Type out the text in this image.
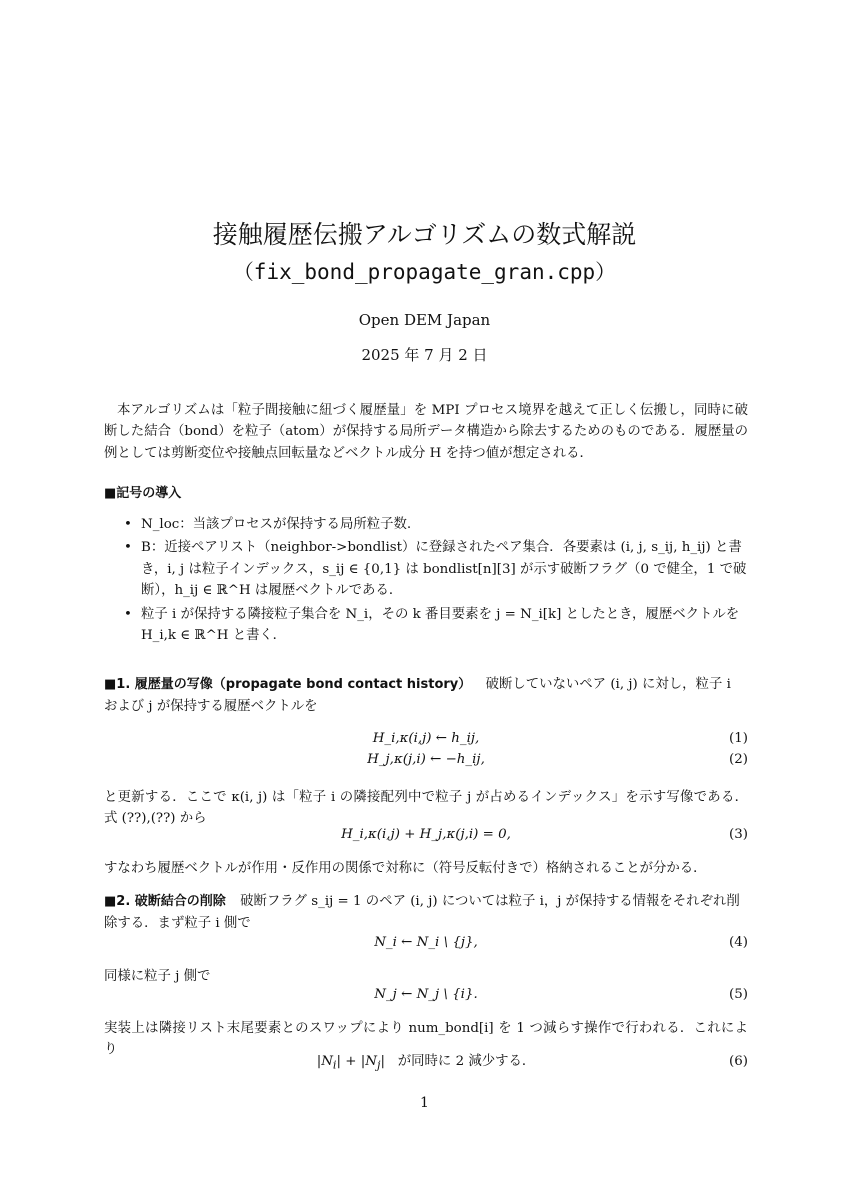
接触履歴伝搬アルゴリズムの数式解説
（fix_bond_propagate_gran.cpp）
Open DEM Japan
2025 年 7 月 2 日
本アルゴリズムは「粒子間接触に紐づく履歴量」を MPI プロセス境界を越えて正しく伝搬し，同時に破断した結合（bond）を粒子（atom）が保持する局所データ構造から除去するためのものである．履歴量の例としては剪断変位や接触点回転量などベクトル成分 H を持つ値が想定される．
■記号の導入
• N_loc：当該プロセスが保持する局所粒子数.
• B：近接ペアリスト（neighbor->bondlist）に登録されたペア集合．各要素は (i, j, s_ij, h_ij) と書き，i, j は粒子インデックス，s_ij ∈ {0,1} は bondlist[n][3] が示す破断フラグ（0 で健全，1 で破断），h_ij ∈ ℝ^H は履歴ベクトルである．
• 粒子 i が保持する隣接粒子集合を N_i，その k 番目要素を j = N_i[k] としたとき，履歴ベクトルを H_i,k ∈ ℝ^H と書く．
■1. 履歴量の写像（propagate bond contact history） 破断していないペア (i, j) に対し，粒子 i および j が保持する履歴ベクトルを
H_i,κ(i,j) ← h_ij,	(1)
H_j,κ(j,i) ← −h_ij,	(2)
と更新する．ここで κ(i, j) は「粒子 i の隣接配列中で粒子 j が占めるインデックス」を示す写像である．式 (??),(??) から
H_i,κ(i,j) + H_j,κ(j,i) = 0,	(3)
すなわち履歴ベクトルが作用・反作用の関係で対称に（符号反転付きで）格納されることが分かる．
■2. 破断結合の削除 破断フラグ s_ij = 1 のペア (i, j) については粒子 i，j が保持する情報をそれぞれ削除する．まず粒子 i 側で
N_i ← N_i \ {j},	(4)
同様に粒子 j 側で
N_j ← N_j \ {i}.	(5)
実装上は隣接リスト末尾要素とのスワップにより num_bond[i] を 1 つ減らす操作で行われる．これにより
$|N_i| + |N_j|$ が同時に 2 減少する．	(6)
1
